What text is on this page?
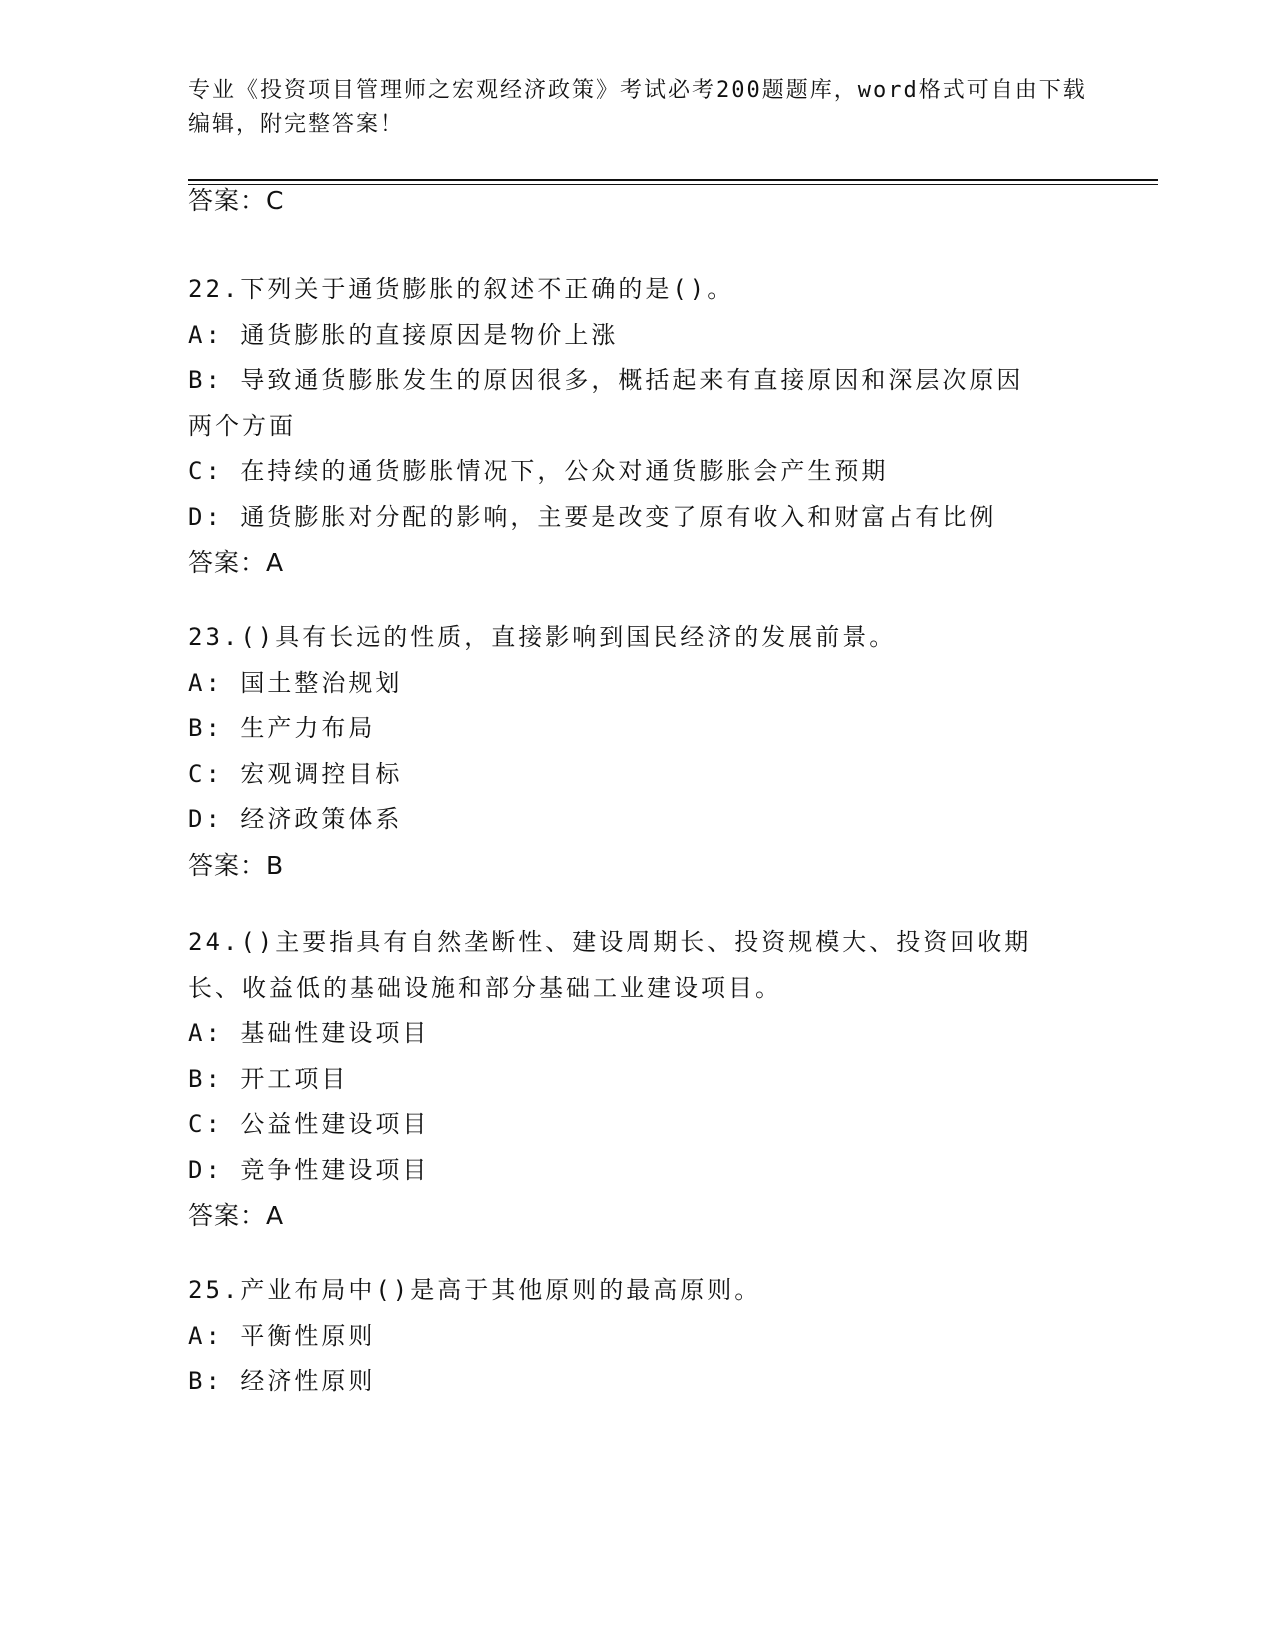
专业《投资项目管理师之宏观经济政策》考试必考200题题库，word格式可自由下载编辑，附完整答案！
答案：C
22.下列关于通货膨胀的叙述不正确的是()。
A: 通货膨胀的直接原因是物价上涨
B: 导致通货膨胀发生的原因很多，概括起来有直接原因和深层次原因两个方面
C: 在持续的通货膨胀情况下，公众对通货膨胀会产生预期
D: 通货膨胀对分配的影响，主要是改变了原有收入和财富占有比例
答案：A
23.()具有长远的性质，直接影响到国民经济的发展前景。
A: 国土整治规划
B: 生产力布局
C: 宏观调控目标
D: 经济政策体系
答案：B
24.()主要指具有自然垄断性、建设周期长、投资规模大、投资回收期长、收益低的基础设施和部分基础工业建设项目。
A: 基础性建设项目
B: 开工项目
C: 公益性建设项目
D: 竞争性建设项目
答案：A
25.产业布局中()是高于其他原则的最高原则。
A: 平衡性原则
B: 经济性原则
